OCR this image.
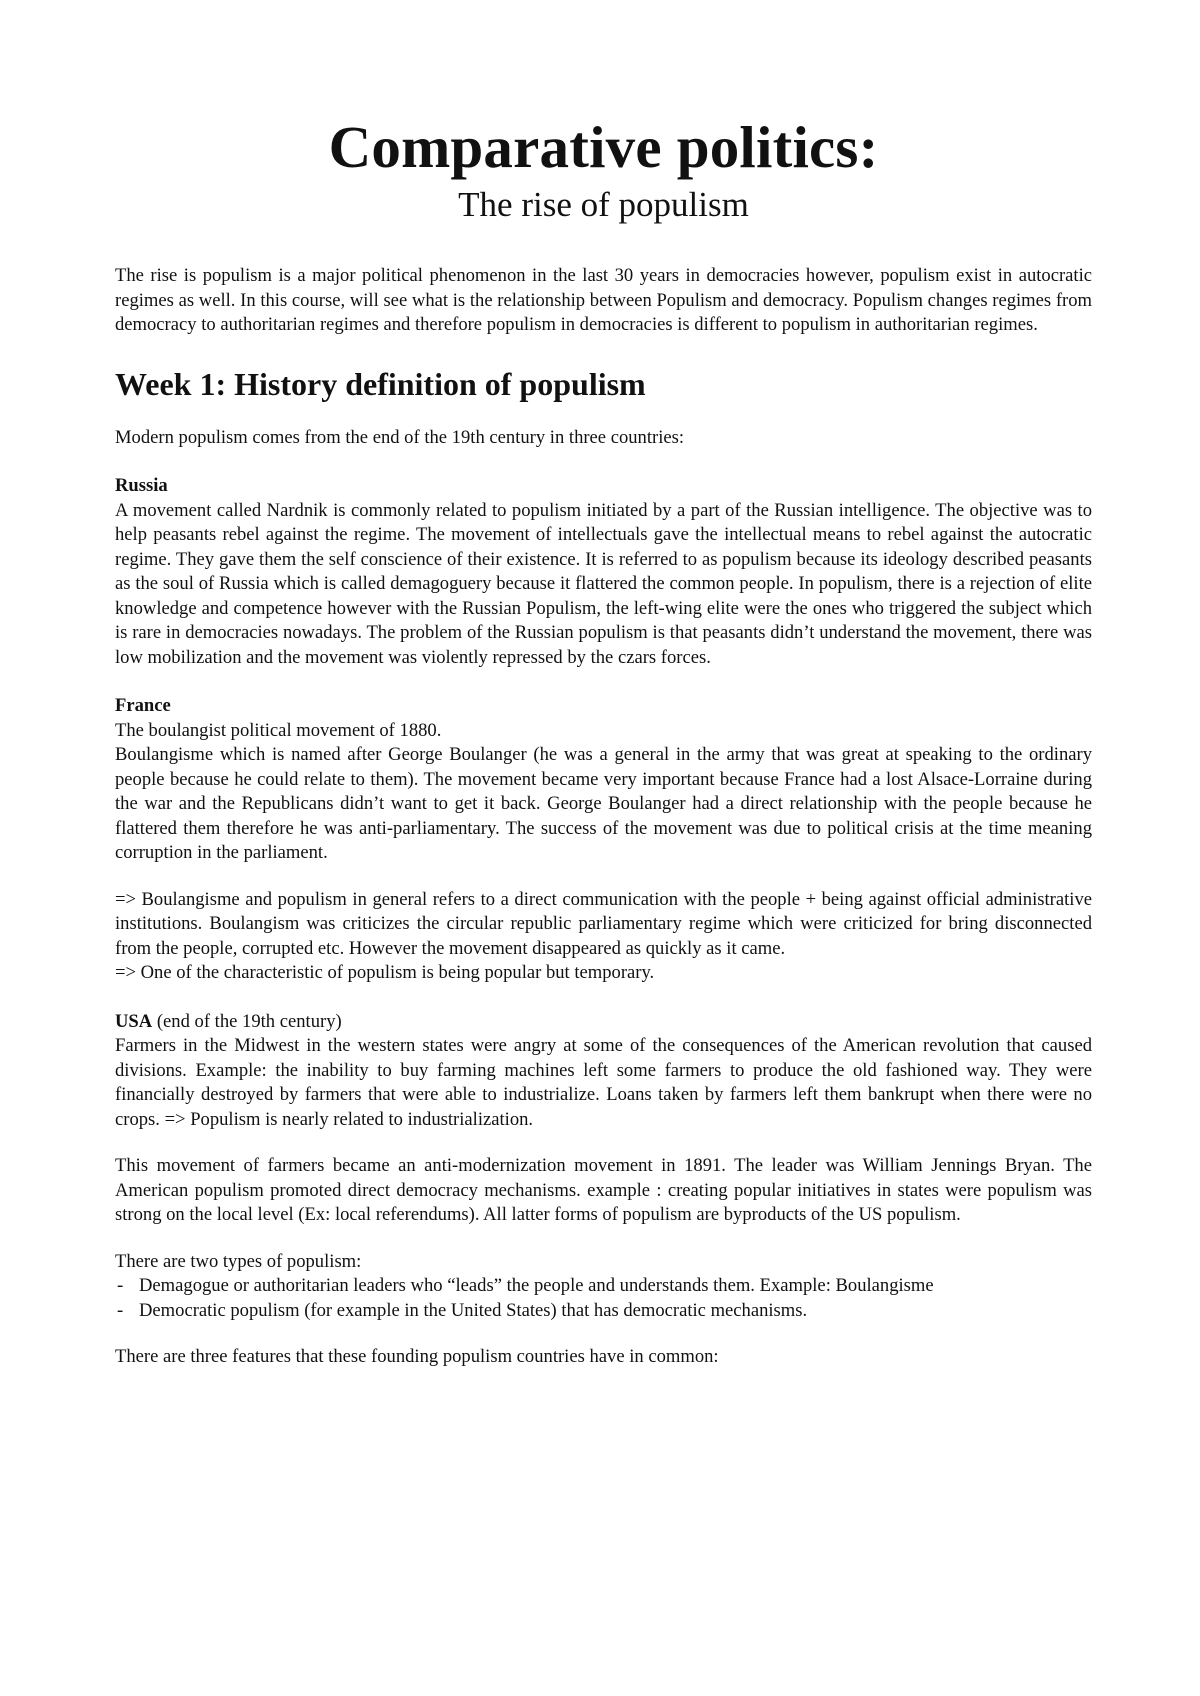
Comparative politics:
The rise of populism

The rise is populism is a major political phenomenon in the last 30 years in democracies however, populism exist in autocratic regimes as well. In this course, will see what is the relationship between Populism and democracy. Populism changes regimes from democracy to authoritarian regimes and therefore populism in democracies is different to populism in authoritarian regimes.

Week 1: History definition of populism

Modern populism comes from the end of the 19th century in three countries:

Russia

A movement called Nardnik is commonly related to populism initiated by a part of the Russian intelligence. The objective was to help peasants rebel against the regime. The movement of intellectuals gave the intellectual means to rebel against the autocratic regime. They gave them the self conscience of their existence. It is referred to as populism because its ideology described peasants as the soul of Russia which is called demagoguery because it flattered the common people. In populism, there is a rejection of elite knowledge and competence however with the Russian Populism, the left-wing elite were the ones who triggered the subject which is rare in democracies nowadays. The problem of the Russian populism is that peasants didn’t understand the movement, there was low mobilization and the movement was violently repressed by the czars forces.

France

The boulangist political movement of 1880.

Boulangisme which is named after George Boulanger (he was a general in the army that was great at speaking to the ordinary people because he could relate to them). The movement became very important because France had a lost Alsace-Lorraine during the war and the Republicans didn’t want to get it back. George Boulanger had a direct relationship with the people because he flattered them therefore he was anti-parliamentary. The success of the movement was due to political crisis at the time meaning corruption in the parliament.

=> Boulangisme and populism in general refers to a direct communication with the people + being against official administrative institutions. Boulangism was criticizes the circular republic parliamentary regime which were criticized for bring disconnected from the people, corrupted etc. However the movement disappeared as quickly as it came.

=> One of the characteristic of populism is being popular but temporary.

USA (end of the 19th century)

Farmers in the Midwest in the western states were angry at some of the consequences of the American revolution that caused divisions. Example: the inability to buy farming machines left some farmers to produce the old fashioned way. They were financially destroyed by farmers that were able to industrialize. Loans taken by farmers left them bankrupt when there were no crops. => Populism is nearly related to industrialization.

This movement of farmers became an anti-modernization movement in 1891. The leader was William Jennings Bryan. The American populism promoted direct democracy mechanisms. example : creating popular initiatives in states were populism was strong on the local level (Ex: local referendums). All latter forms of populism are byproducts of the US populism.

There are two types of populism:

- Demagogue or authoritarian leaders who “leads” the people and understands them. Example: Boulangisme
- Democratic populism (for example in the United States) that has democratic mechanisms.

There are three features that these founding populism countries have in common:
